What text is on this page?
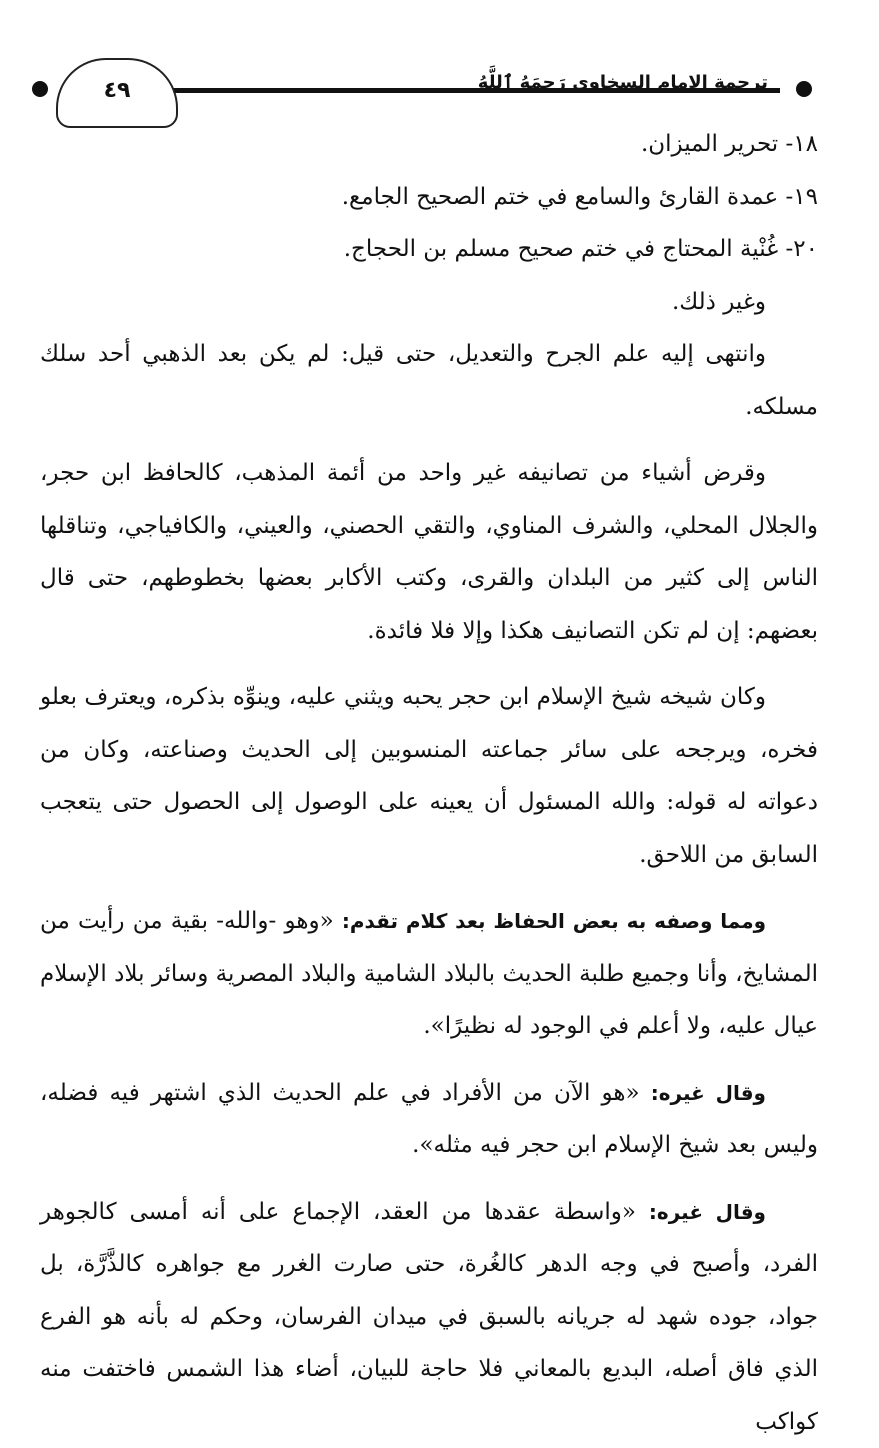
٤٩	ترجمة الإمام السخاوي رَحِمَهُ ٱللَّهُ

١٨- تحرير الميزان.

١٩- عمدة القارئ والسامع في ختم الصحيح الجامع.

٢٠- غُنْية المحتاج في ختم صحيح مسلم بن الحجاج.

وغير ذلك.

وانتهى إليه علم الجرح والتعديل، حتى قيل: لم يكن بعد الذهبي أحد سلك مسلكه.

وقرض أشياء من تصانيفه غير واحد من أئمة المذهب، كالحافظ ابن حجر، والجلال المحلي، والشرف المناوي، والتقي الحصني، والعيني، والكافياجي، وتناقلها الناس إلى كثير من البلدان والقرى، وكتب الأكابر بعضها بخطوطهم، حتى قال بعضهم: إن لم تكن التصانيف هكذا وإلا فلا فائدة.

وكان شيخه شيخ الإسلام ابن حجر يحبه ويثني عليه، وينوِّه بذكره، ويعترف بعلو فخره، ويرجحه على سائر جماعته المنسوبين إلى الحديث وصناعته، وكان من دعواته له قوله: والله المسئول أن يعينه على الوصول إلى الحصول حتى يتعجب السابق من اللاحق.

ومما وصفه به بعض الحفاظ بعد كلام تقدم: «وهو -والله- بقية من رأيت من المشايخ، وأنا وجميع طلبة الحديث بالبلاد الشامية والبلاد المصرية وسائر بلاد الإسلام عيال عليه، ولا أعلم في الوجود له نظيرًا».

وقال غيره: «هو الآن من الأفراد في علم الحديث الذي اشتهر فيه فضله، وليس بعد شيخ الإسلام ابن حجر فيه مثله».

وقال غيره: «واسطة عقدها من العقد، الإجماع على أنه أمسى كالجوهر الفرد، وأصبح في وجه الدهر كالغُرة، حتى صارت الغرر مع جواهره كالذَّرَّة، بل جواد، جوده شهد له جريانه بالسبق في ميدان الفرسان، وحكم له بأنه هو الفرع الذي فاق أصله، البديع بالمعاني فلا حاجة للبيان، أضاء هذا الشمس فاختفت منه كواكب
